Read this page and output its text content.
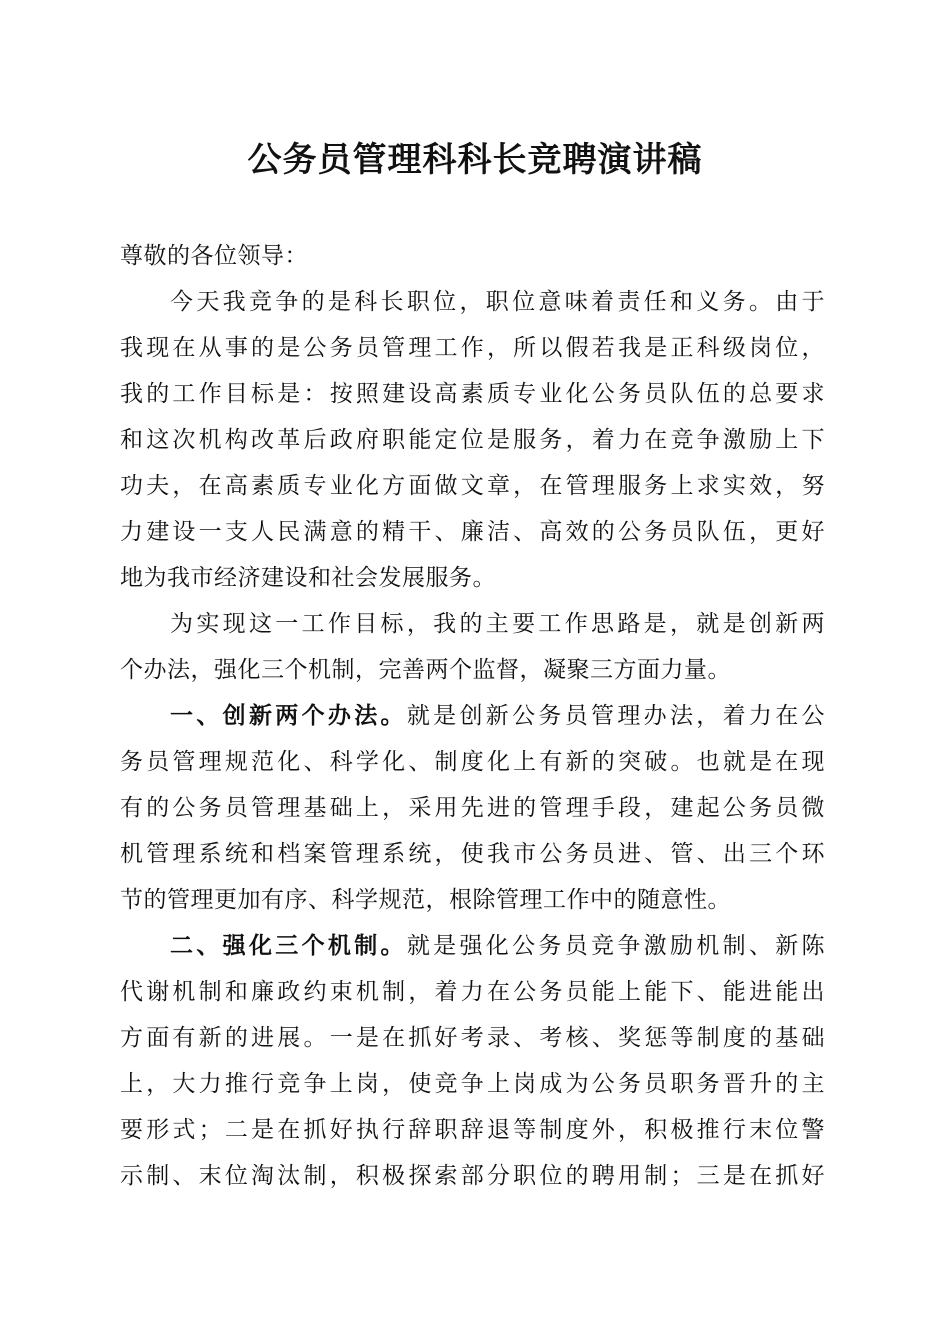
公务员管理科科长竞聘演讲稿
尊敬的各位领导：
今天我竞争的是科长职位，职位意味着责任和义务。由于
我现在从事的是公务员管理工作，所以假若我是正科级岗位，
我的工作目标是：按照建设高素质专业化公务员队伍的总要求
和这次机构改革后政府职能定位是服务，着力在竞争激励上下
功夫，在高素质专业化方面做文章，在管理服务上求实效，努
力建设一支人民满意的精干、廉洁、高效的公务员队伍，更好
地为我市经济建设和社会发展服务。
为实现这一工作目标，我的主要工作思路是，就是创新两
个办法，强化三个机制，完善两个监督，凝聚三方面力量。
一、创新两个办法。就是创新公务员管理办法，着力在公
务员管理规范化、科学化、制度化上有新的突破。也就是在现
有的公务员管理基础上，采用先进的管理手段，建起公务员微
机管理系统和档案管理系统，使我市公务员进、管、出三个环
节的管理更加有序、科学规范，根除管理工作中的随意性。
二、强化三个机制。就是强化公务员竞争激励机制、新陈
代谢机制和廉政约束机制，着力在公务员能上能下、能进能出
方面有新的进展。一是在抓好考录、考核、奖惩等制度的基础
上，大力推行竞争上岗，使竞争上岗成为公务员职务晋升的主
要形式；二是在抓好执行辞职辞退等制度外，积极推行末位警
示制、末位淘汰制，积极探索部分职位的聘用制；三是在抓好
